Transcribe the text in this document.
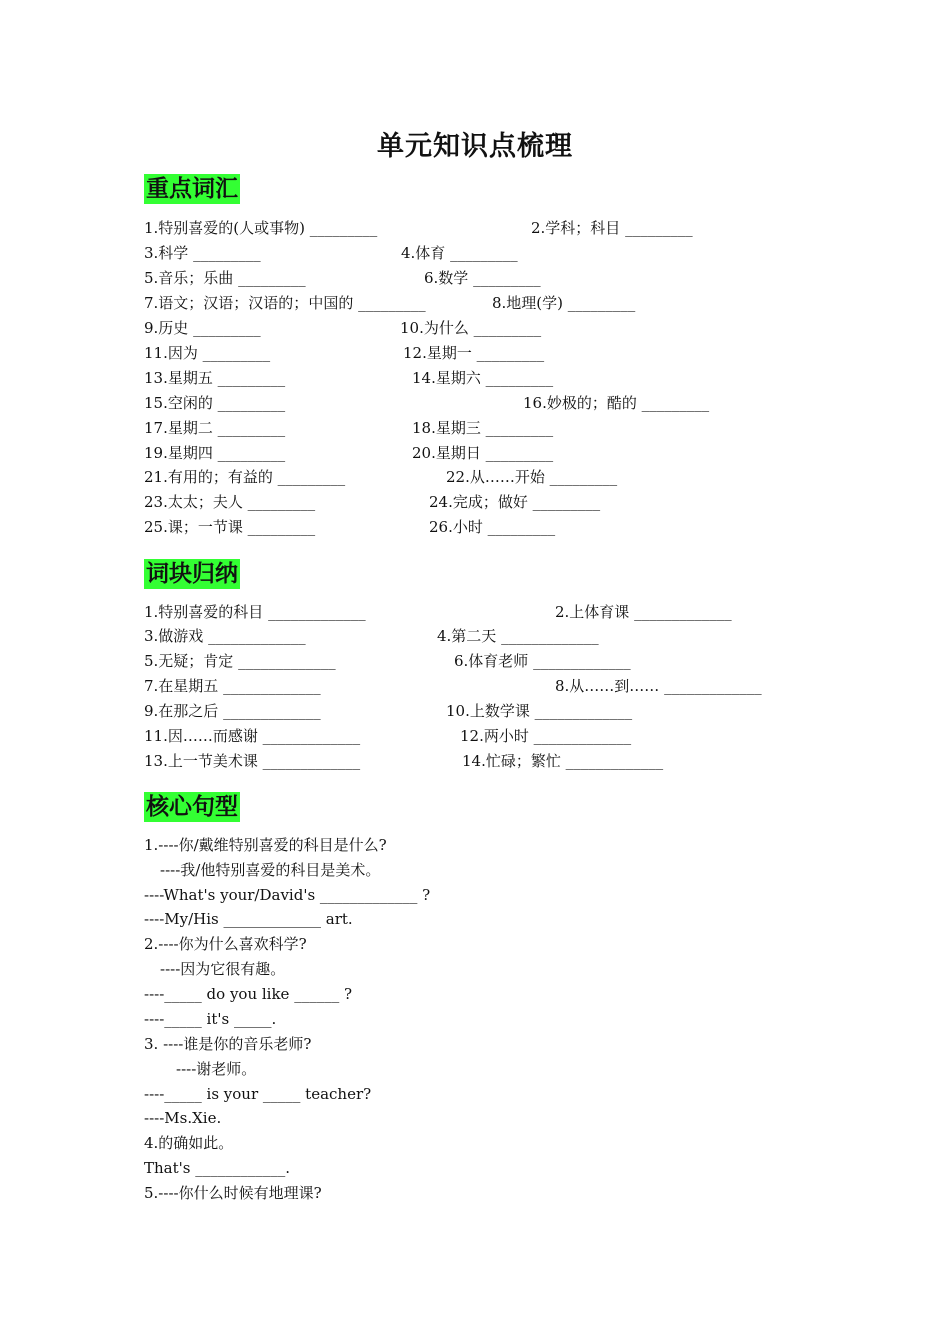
单元知识点梳理
重点词汇
1.特别喜爱的(人或事物) _________	2.学科；科目 _________
3.科学 _________	4.体育 _________
5.音乐；乐曲 _________	6.数学 _________
7.语文；汉语；汉语的；中国的 _________	8.地理(学) _________
9.历史 _________	10.为什么 _________
11.因为 _________	12.星期一 _________
13.星期五 _________	14.星期六 _________
15.空闲的 _________	16.妙极的；酷的 _________
17.星期二 _________	18.星期三 _________
19.星期四 _________	20.星期日 _________
21.有用的；有益的 _________	22.从……开始 _________
23.太太；夫人 _________	24.完成；做好 _________
25.课；一节课 _________	26.小时 _________
词块归纳
1.特别喜爱的科目 _____________	2.上体育课 _____________
3.做游戏 _____________	4.第二天 _____________
5.无疑；肯定 _____________	6.体育老师 _____________
7.在星期五 _____________	8.从……到…… _____________
9.在那之后 _____________	10.上数学课 _____________
11.因……而感谢 _____________	12.两小时 _____________
13.上一节美术课 _____________	14.忙碌；繁忙 _____________
核心句型
1.----你/戴维特别喜爱的科目是什么?
----我/他特别喜爱的科目是美术。
----What's your/David's _____________ ?
----My/His _____________ art.
2.----你为什么喜欢科学?
----因为它很有趣。
----_____ do you like ______ ?
----_____ it's _____.
3. ----谁是你的音乐老师?
----谢老师。
----_____ is your _____ teacher?
----Ms.Xie.
4.的确如此。
That's ____________.
5.----你什么时候有地理课?
